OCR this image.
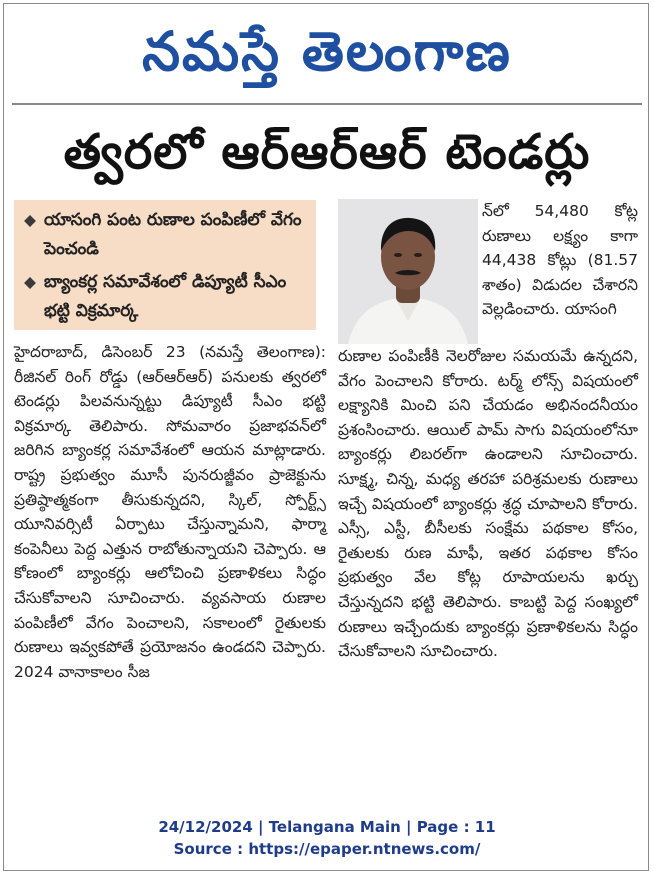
నమస్తే తెలంగాణ
త్వరలో ఆర్‌ఆర్‌ఆర్‌ టెండర్లు
యాసంగి పంట రుణాల పంపిణీలో వేగం పెంచండి
బ్యాంకర్ల సమావేశంలో డిప్యూటీ సీఎం భట్టి విక్రమార్క
న్‌లో 54,480 కోట్ల రుణాలు లక్ష్యం కాగా 44,438 కోట్లు (81.57 శాతం) విడుదల చేశారని వెల్లడించారు. యాసంగి
హైదరాబాద్‌, డిసెంబర్‌ 23 (నమస్తే తెలంగాణ): రీజినల్‌ రింగ్‌ రోడ్డు (ఆర్‌ఆర్‌ఆర్‌) పనులకు త్వరలో టెండర్లు పిలవనున్నట్టు డిప్యూటీ సీఎం భట్టి విక్రమార్క తెలిపారు. సోమవారం ప్రజాభవన్‌లో జరిగిన బ్యాంకర్ల సమావేశంలో ఆయన మాట్లాడారు. రాష్ట్ర ప్రభుత్వం మూసీ పునరుజ్జీవం ప్రాజెక్టును ప్రతిష్ఠాత్మకంగా తీసుకున్నదని, స్కిల్‌, స్పోర్ట్స్‌ యూనివర్సిటీ ఏర్పాటు చేస్తున్నామని, ఫార్మా కంపెనీలు పెద్ద ఎత్తున రాబోతున్నాయని చెప్పారు. ఆ కోణంలో బ్యాంకర్లు ఆలోచించి ప్రణాళికలు సిద్ధం చేసుకోవాలని సూచించారు. వ్యవసాయ రుణాల పంపిణీలో వేగం పెంచాలని, సకాలంలో రైతులకు రుణాలు ఇవ్వకపోతే ప్రయోజనం ఉండదని చెప్పారు. 2024 వానాకాలం సీజ
రుణాల పంపిణీకి నెలరోజుల సమయమే ఉన్నదని, వేగం పెంచాలని కోరారు. టర్మ్‌ లోన్స్‌ విషయంలో లక్ష్యానికి మించి పని చేయడం అభినందనీయం ప్రశంసించారు. ఆయిల్‌ పామ్‌ సాగు విషయంలోనూ బ్యాంకర్లు లిబరల్‌గా ఉండాలని సూచించారు. సూక్ష్మ, చిన్న, మధ్య తరహా పరిశ్రమలకు రుణాలు ఇచ్చే విషయంలో బ్యాంకర్లు శ్రద్ధ చూపాలని కోరారు. ఎస్సీ, ఎస్టీ, బీసీలకు సంక్షేమ పథకాల కోసం, రైతులకు రుణ మాఫీ, ఇతర పథకాల కోసం ప్రభుత్వం వేల కోట్ల రూపాయలను ఖర్చు చేస్తున్నదని భట్టి తెలిపారు. కాబట్టి పెద్ద సంఖ్యలో రుణాలు ఇచ్చేందుకు బ్యాంకర్లు ప్రణాళికలను సిద్ధం చేసుకోవాలని సూచించారు.
24/12/2024 | Telangana Main | Page : 11
Source : https://epaper.ntnews.com/
